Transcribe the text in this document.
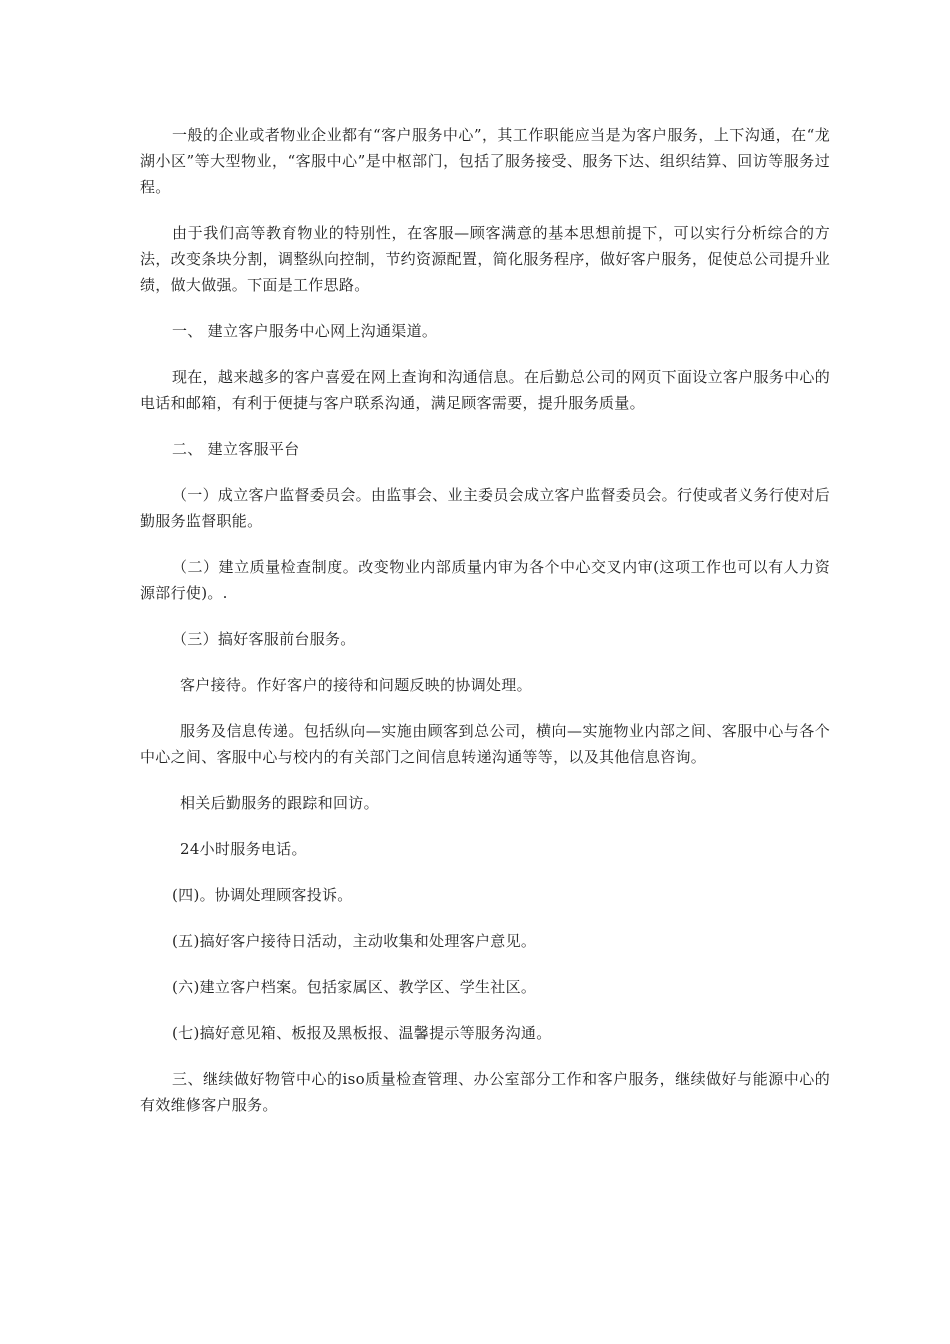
一般的企业或者物业企业都有“客户服务中心”，其工作职能应当是为客户服务，上下沟通，在“龙湖小区”等大型物业，“客服中心”是中枢部门，包括了服务接受、服务下达、组织结算、回访等服务过程。

由于我们高等教育物业的特别性，在客服—顾客满意的基本思想前提下，可以实行分析综合的方法，改变条块分割，调整纵向控制，节约资源配置，简化服务程序，做好客户服务，促使总公司提升业绩，做大做强。下面是工作思路。

一、 建立客户服务中心网上沟通渠道。

现在，越来越多的客户喜爱在网上查询和沟通信息。在后勤总公司的网页下面设立客户服务中心的电话和邮箱，有利于便捷与客户联系沟通，满足顾客需要，提升服务质量。

二、 建立客服平台

（一）成立客户监督委员会。由监事会、业主委员会成立客户监督委员会。行使或者义务行使对后勤服务监督职能。

（二）建立质量检查制度。改变物业内部质量内审为各个中心交叉内审(这项工作也可以有人力资源部行使)。.

（三）搞好客服前台服务。

客户接待。作好客户的接待和问题反映的协调处理。

服务及信息传递。包括纵向—实施由顾客到总公司，横向—实施物业内部之间、客服中心与各个中心之间、客服中心与校内的有关部门之间信息转递沟通等等，以及其他信息咨询。

相关后勤服务的跟踪和回访。

24小时服务电话。

(四)。协调处理顾客投诉。

(五)搞好客户接待日活动，主动收集和处理客户意见。

(六)建立客户档案。包括家属区、教学区、学生社区。

(七)搞好意见箱、板报及黑板报、温馨提示等服务沟通。

三、继续做好物管中心的iso质量检查管理、办公室部分工作和客户服务，继续做好与能源中心的有效维修客户服务。
